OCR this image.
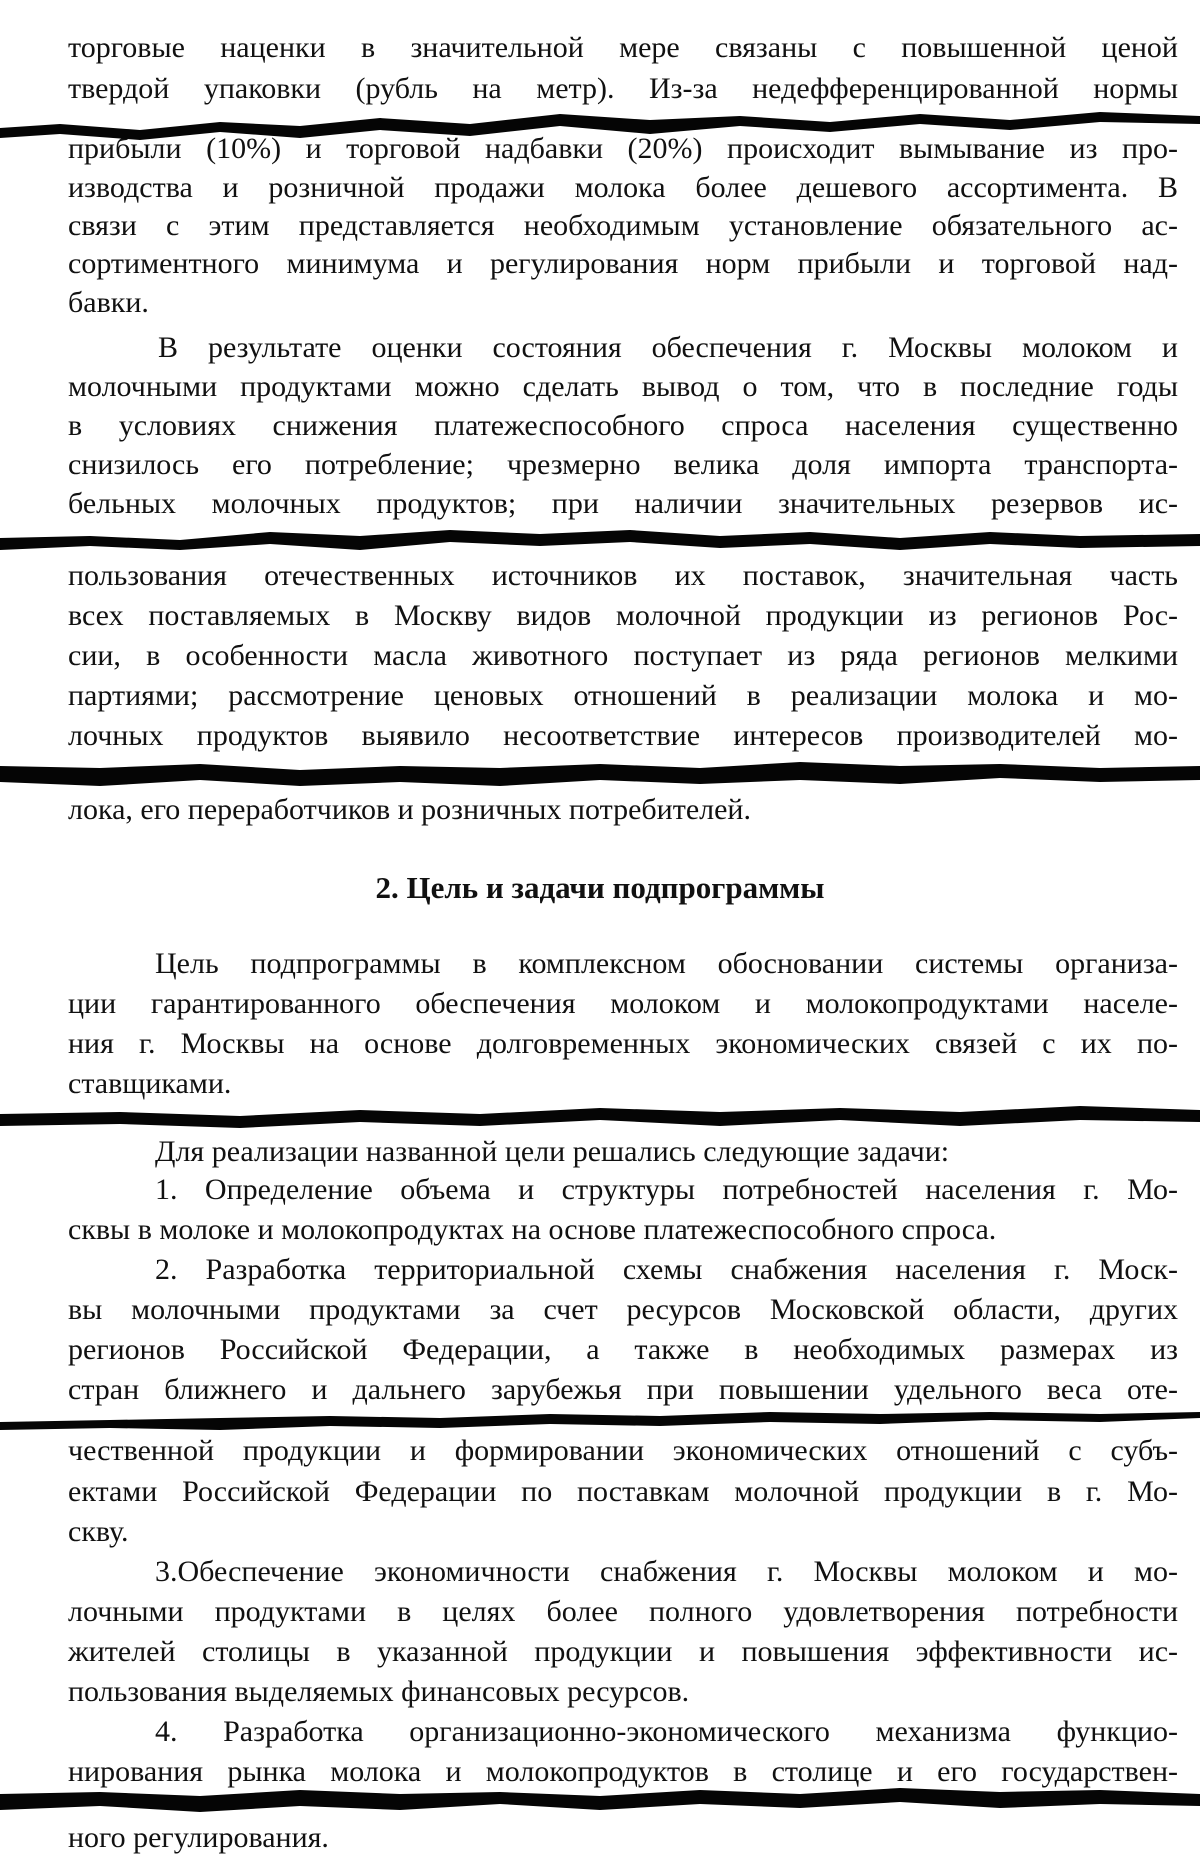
торговые наценки в значительной мере связаны с повышенной ценой
твердой упаковки (рубль на метр). Из-за недефференцированной нормы
прибыли (10%) и торговой надбавки (20%) происходит вымывание из про-
изводства и розничной продажи молока более дешевого ассортимента. В
связи с этим представляется необходимым установление обязательного ас-
сортиментного минимума и регулирования норм прибыли и торговой над-
бавки.
В результате оценки состояния обеспечения г. Москвы молоком и
молочными продуктами можно сделать вывод о том, что в последние годы
в условиях снижения платежеспособного спроса населения существенно
снизилось его потребление; чрезмерно велика доля импорта транспорта-
бельных молочных продуктов; при наличии значительных резервов ис-
пользования отечественных источников их поставок, значительная часть
всех поставляемых в Москву видов молочной продукции из регионов Рос-
сии, в особенности масла животного поступает из ряда регионов мелкими
партиями; рассмотрение ценовых отношений в реализации молока и мо-
лочных продуктов выявило несоответствие интересов производителей мо-
лока, его переработчиков и розничных потребителей.
2. Цель и задачи подпрограммы
Цель подпрограммы в комплексном обосновании системы организа-
ции гарантированного обеспечения молоком и молокопродуктами населе-
ния г. Москвы на основе долговременных экономических связей с их по-
ставщиками.
Для реализации названной цели решались следующие задачи:
1. Определение объема и структуры потребностей населения г. Мо-
сквы в молоке и молокопродуктах на основе платежеспособного спроса.
2. Разработка территориальной схемы снабжения населения г. Моск-
вы молочными продуктами за счет ресурсов Московской области, других
регионов Российской Федерации, а также в необходимых размерах из
стран ближнего и дальнего зарубежья при повышении удельного веса оте-
чественной продукции и формировании экономических отношений с субъ-
ектами Российской Федерации по поставкам молочной продукции в г. Мо-
скву.
3.Обеспечение экономичности снабжения г. Москвы молоком и мо-
лочными продуктами в целях более полного удовлетворения потребности
жителей столицы в указанной продукции и повышения эффективности ис-
пользования выделяемых финансовых ресурсов.
4. Разработка организационно-экономического механизма функцио-
нирования рынка молока и молокопродуктов в столице и его государствен-
ного регулирования.
